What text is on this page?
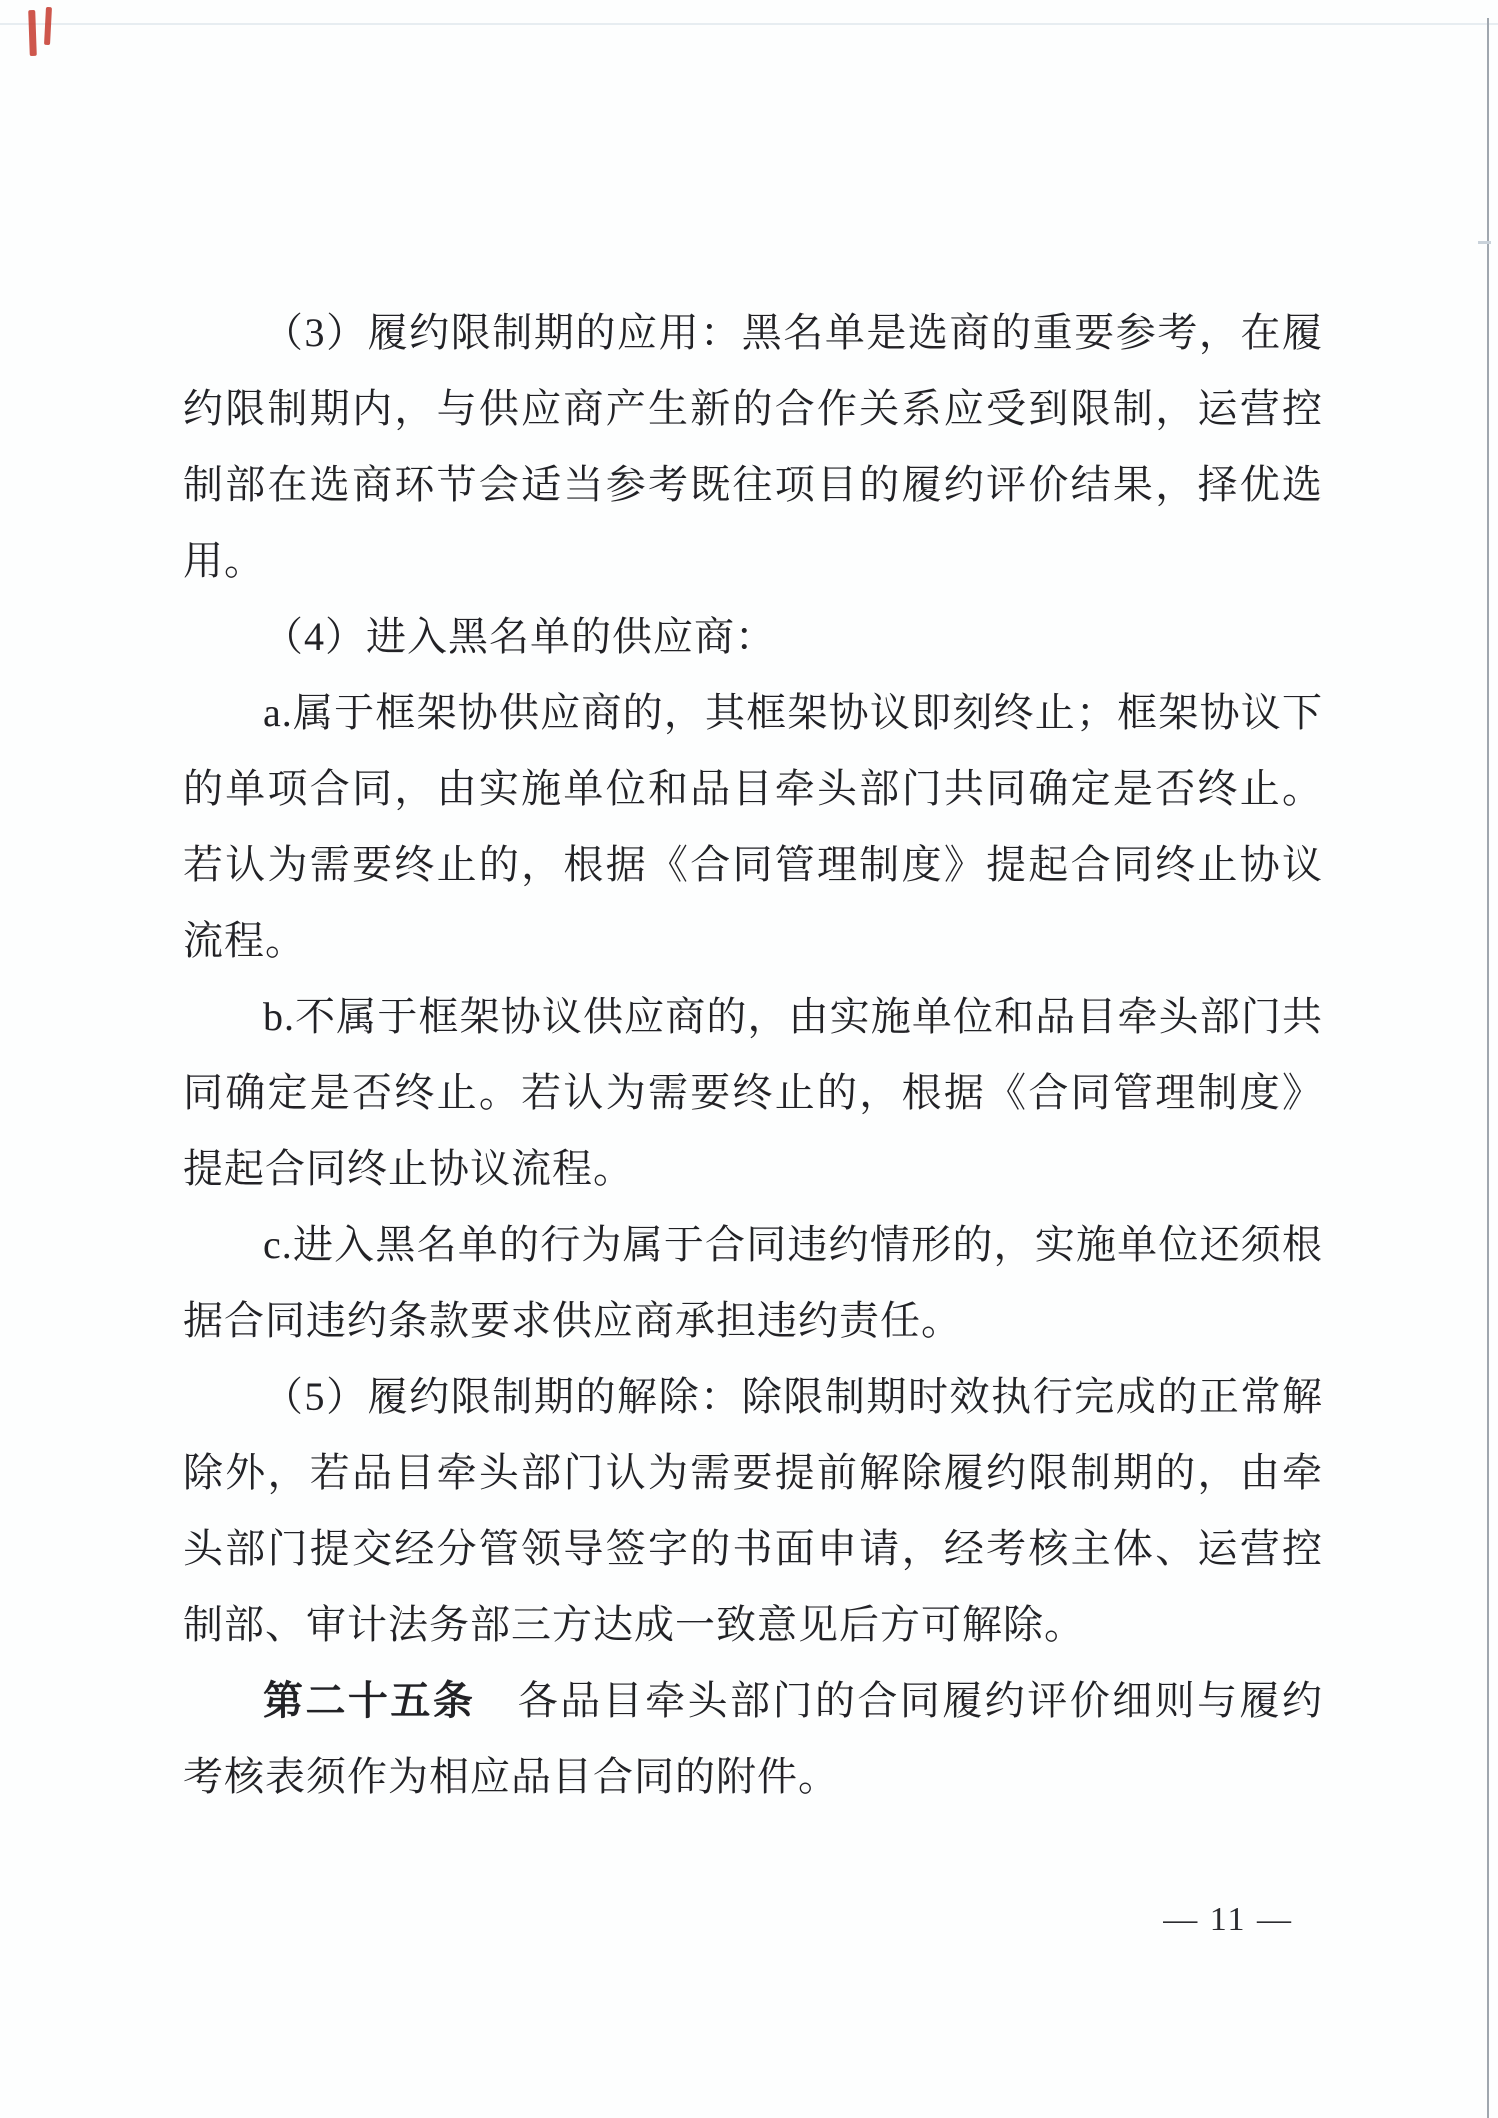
（3）履约限制期的应用：黑名单是选商的重要参考，在履
约限制期内，与供应商产生新的合作关系应受到限制，运营控
制部在选商环节会适当参考既往项目的履约评价结果，择优选
用。
（4）进入黑名单的供应商：
a.属于框架协供应商的，其框架协议即刻终止；框架协议下
的单项合同，由实施单位和品目牵头部门共同确定是否终止。
若认为需要终止的，根据《合同管理制度》提起合同终止协议
流程。
b.不属于框架协议供应商的，由实施单位和品目牵头部门共
同确定是否终止。若认为需要终止的，根据《合同管理制度》
提起合同终止协议流程。
c.进入黑名单的行为属于合同违约情形的，实施单位还须根
据合同违约条款要求供应商承担违约责任。
（5）履约限制期的解除：除限制期时效执行完成的正常解
除外，若品目牵头部门认为需要提前解除履约限制期的，由牵
头部门提交经分管领导签字的书面申请，经考核主体、运营控
制部、审计法务部三方达成一致意见后方可解除。
第二十五条　各品目牵头部门的合同履约评价细则与履约
考核表须作为相应品目合同的附件。
— 11 —
